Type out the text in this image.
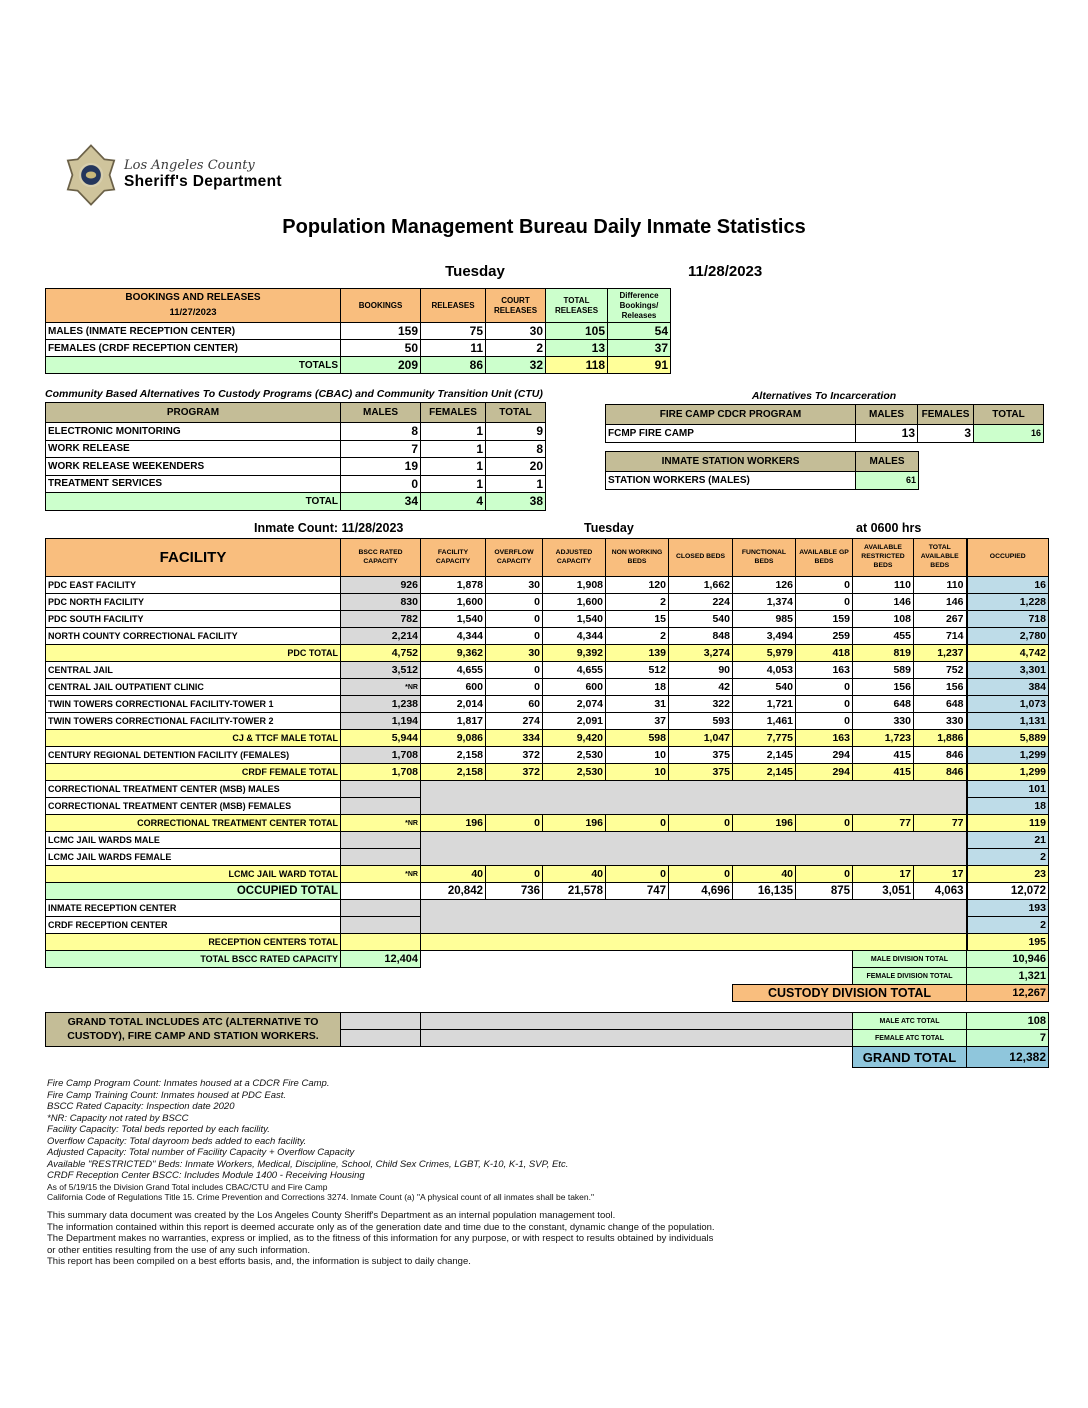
Los Angeles County
Sheriff's Department
Population Management Bureau Daily Inmate Statistics
Tuesday	11/28/2023
BOOKINGS AND RELEASES
11/27/2023	BOOKINGS	RELEASES	COURT RELEASES	TOTAL RELEASES	Difference Bookings/ Releases
MALES (INMATE RECEPTION CENTER)	159	75	30	105	54
FEMALES (CRDF RECEPTION CENTER)	50	11	2	13	37
TOTALS	209	86	32	118	91
Community Based Alternatives To Custody Programs (CBAC) and Community Transition Unit (CTU)
PROGRAM	MALES	FEMALES	TOTAL
ELECTRONIC MONITORING	8	1	9
WORK RELEASE	7	1	8
WORK RELEASE WEEKENDERS	19	1	20
TREATMENT SERVICES	0	1	1
TOTAL	34	4	38
Alternatives To Incarceration
FIRE CAMP CDCR PROGRAM	MALES	FEMALES	TOTAL
FCMP FIRE CAMP	13	3	16
INMATE STATION WORKERS	MALES
STATION WORKERS (MALES)	61
Inmate Count: 11/28/2023	Tuesday	at 0600 hrs
FACILITY	BSCC RATED CAPACITY	FACILITY CAPACITY	OVERFLOW CAPACITY	ADJUSTED CAPACITY	NON WORKING BEDS	CLOSED BEDS	FUNCTIONAL BEDS	AVAILABLE GP BEDS	AVAILABLE RESTRICTED BEDS	TOTAL AVAILABLE BEDS	OCCUPIED
PDC EAST FACILITY	926	1,878	30	1,908	120	1,662	126	0	110	110	16
PDC NORTH FACILITY	830	1,600	0	1,600	2	224	1,374	0	146	146	1,228
PDC SOUTH FACILITY	782	1,540	0	1,540	15	540	985	159	108	267	718
NORTH COUNTY CORRECTIONAL FACILITY	2,214	4,344	0	4,344	2	848	3,494	259	455	714	2,780
PDC TOTAL	4,752	9,362	30	9,392	139	3,274	5,979	418	819	1,237	4,742
CENTRAL JAIL	3,512	4,655	0	4,655	512	90	4,053	163	589	752	3,301
CENTRAL JAIL OUTPATIENT CLINIC	*NR	600	0	600	18	42	540	0	156	156	384
TWIN TOWERS CORRECTIONAL FACILITY-TOWER 1	1,238	2,014	60	2,074	31	322	1,721	0	648	648	1,073
TWIN TOWERS CORRECTIONAL FACILITY-TOWER 2	1,194	1,817	274	2,091	37	593	1,461	0	330	330	1,131
CJ & TTCF MALE TOTAL	5,944	9,086	334	9,420	598	1,047	7,775	163	1,723	1,886	5,889
CENTURY REGIONAL DETENTION FACILITY (FEMALES)	1,708	2,158	372	2,530	10	375	2,145	294	415	846	1,299
CRDF FEMALE TOTAL	1,708	2,158	372	2,530	10	375	2,145	294	415	846	1,299
CORRECTIONAL TREATMENT CENTER (MSB) MALES											101
CORRECTIONAL TREATMENT CENTER (MSB) FEMALES											18
CORRECTIONAL TREATMENT CENTER TOTAL	*NR	196	0	196	0	0	196	0	77	77	119
LCMC JAIL WARDS MALE											21
LCMC JAIL WARDS FEMALE											2
LCMC JAIL WARD TOTAL	*NR	40	0	40	0	0	40	0	17	17	23
OCCUPIED TOTAL		20,842	736	21,578	747	4,696	16,135	875	3,051	4,063	12,072
INMATE RECEPTION CENTER											193
CRDF RECEPTION CENTER											2
RECEPTION CENTERS TOTAL											195
TOTAL BSCC RATED CAPACITY	12,404								MALE DIVISION TOTAL		10,946
									FEMALE DIVISION TOTAL		1,321
							CUSTODY DIVISION TOTAL				12,267
GRAND TOTAL INCLUDES ATC (ALTERNATIVE TO CUSTODY), FIRE CAMP AND STATION WORKERS.			MALE ATC TOTAL	108
			FEMALE ATC TOTAL	7
			GRAND TOTAL	12,382
Fire Camp Program Count: Inmates housed at a CDCR Fire Camp.
Fire Camp Training Count: Inmates housed at PDC East.
BSCC Rated Capacity: Inspection date 2020
*NR: Capacity not rated by BSCC
Facility Capacity: Total beds reported by each facility.
Overflow Capacity: Total dayroom beds added to each facility.
Adjusted Capacity: Total number of Facility Capacity + Overflow Capacity
Available "RESTRICTED" Beds: Inmate Workers, Medical, Discipline, School, Child Sex Crimes, LGBT, K-10, K-1, SVP, Etc.
CRDF Reception Center BSCC: Includes Module 1400 - Receiving Housing
As of 5/19/15 the Division Grand Total includes CBAC/CTU and Fire Camp
California Code of Regulations Title 15. Crime Prevention and Corrections 3274. Inmate Count (a) "A physical count of all inmates shall be taken."
This summary data document was created by the Los Angeles County Sheriff's Department as an internal population management tool.
The information contained within this report is deemed accurate only as of the generation date and time due to the constant, dynamic change of the population.
The Department makes no warranties, express or implied, as to the fitness of this information for any purpose, or with respect to results obtained by individuals
or other entities resulting from the use of any such information.
This report has been compiled on a best efforts basis, and, the information is subject to daily change.
